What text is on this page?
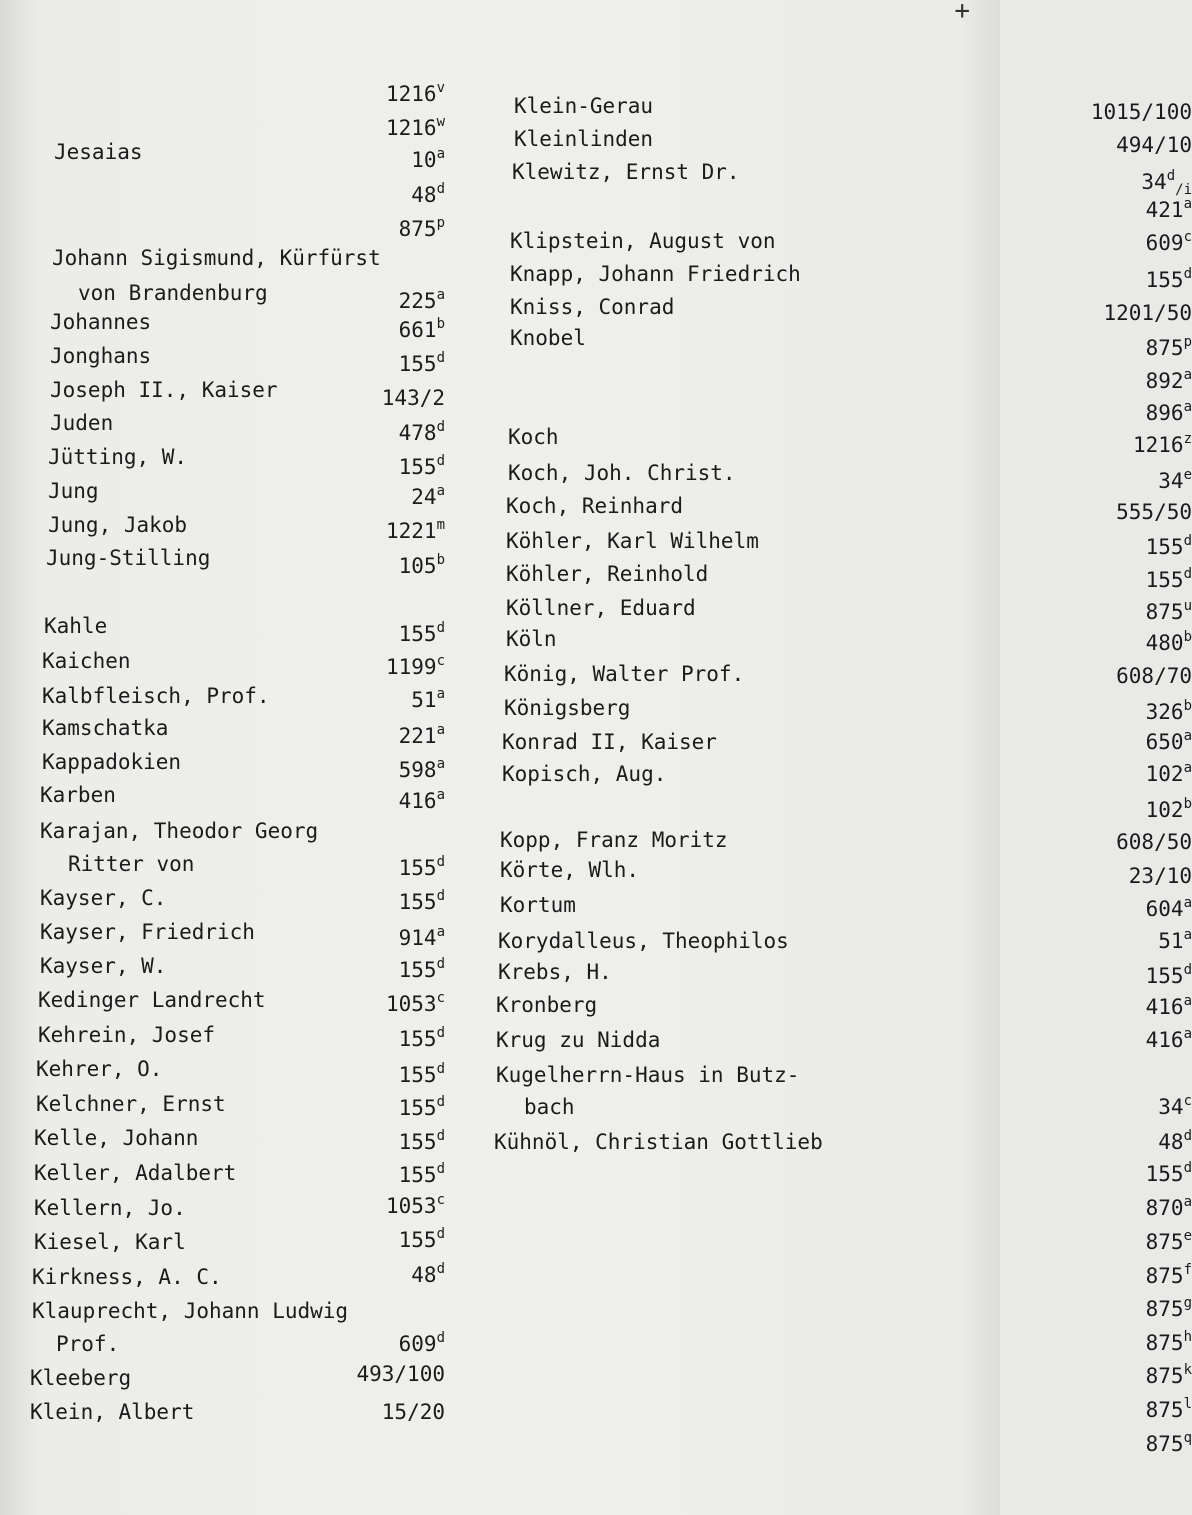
+
$1216^v$
1216$^w$
Jesaias	10$^a$
48$^d$
875$^p$
Johann Sigismund, Kürfürst
von Brandenburg	225$^a$
Johannes	661$^b$
Jonghans	155$^d$
Joseph II., Kaiser	143/2
Juden	478$^d$
Jütting, W.	155$^d$
Jung	24$^a$
Jung, Jakob	1221$^m$
Jung-Stilling	105$^b$
Kahle	155$^d$
Kaichen	1199$^c$
Kalbfleisch, Prof.	51$^a$
Kamschatka	221$^a$
Kappadokien	598$^a$
Karben	416$^a$
Karajan, Theodor Georg
Ritter von	155$^d$
Kayser, C.	155$^d$
Kayser, Friedrich	914$^a$
Kayser, W.	155$^d$
Kedinger Landrecht	1053$^c$
Kehrein, Josef	155$^d$
Kehrer, O.	155$^d$
Kelchner, Ernst	155$^d$
Kelle, Johann	155$^d$
Keller, Adalbert	155$^d$
Kellern, Jo.	1053$^c$
Kiesel, Karl	155$^d$
Kirkness, A. C.	48$^d$
Klauprecht, Johann Ludwig
Prof.	609$^d$
Kleeberg	493/100
Klein, Albert	15/20
Klein-Gerau	1015/100
Kleinlinden	494/10
Klewitz, Ernst Dr.	$34^d_{/i}$
421$^a$
Klipstein, August von	609$^c$
Knapp, Johann Friedrich	155$^d$
Kniss, Conrad	1201/50
Knobel	875$^p$
892$^a$
896$^a$
Koch	1216$^z$
Koch, Joh. Christ.	34e
Koch, Reinhard	555/50
Köhler, Karl Wilhelm	155$^d$
Köhler, Reinhold	155$^d$
Köllner, Eduard	875$^u$
Köln	480$^b$
König, Walter Prof.	608/70
Königsberg	326$^b$
Konrad II, Kaiser	650$^a$
Kopisch, Aug.	102$^a$
102$^b$
Kopp, Franz Moritz	608/50
Körte, Wlh.	23/10
Kortum	604$^a$
Korydalleus, Theophilos	51$^a$
Krebs, H.	155$^d$
Kronberg	416$^a$
Krug zu Nidda	416$^a$
Kugelherrn-Haus in Butz-
bach	34$^c$
Kühnöl, Christian Gottlieb	48$^d$
155$^d$
870$^a$
875e
875$^f$
875$^g$
875$^h$
875$^k$
875$^l$
875$^q$
